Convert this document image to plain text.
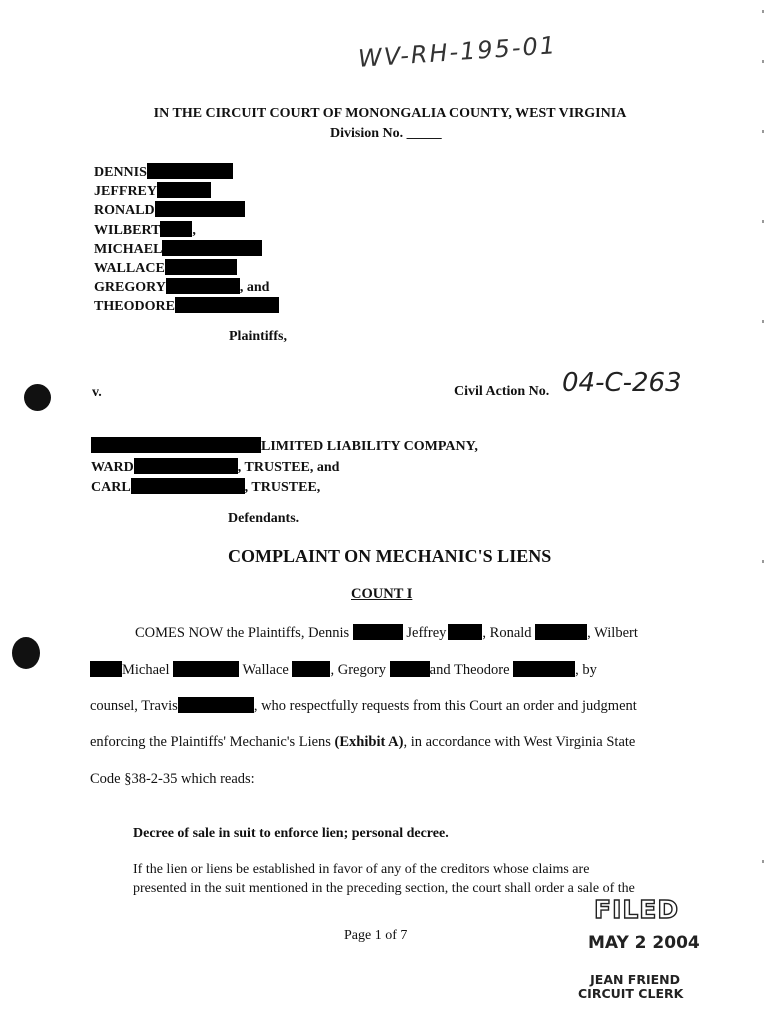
WV-RH-195-01
IN THE CIRCUIT COURT OF MONONGALIA COUNTY, WEST VIRGINIA
Division No. _____
DENNIS
JEFFREY
RONALD
WILBERT ,
MICHAEL
WALLACE
GREGORY	, and
THEODORE
Plaintiffs,
v.	Civil Action No. 04-C-263
LIMITED LIABILITY COMPANY,
WARD	, TRUSTEE, and
CARL	, TRUSTEE,
Defendants.
COMPLAINT ON MECHANIC'S LIENS
COUNT I
COMES NOW the Plaintiffs, Dennis	Jeffrey , Ronald	, Wilbert
Michael	Wallace	, Gregory	and Theodore	, by
counsel, Travis	, who respectfully requests from this Court an order and judgment
enforcing the Plaintiffs' Mechanic's Liens (Exhibit A), in accordance with West Virginia State
Code §38-2-35 which reads:
Decree of sale in suit to enforce lien; personal decree.
If the lien or liens be established in favor of any of the creditors whose claims are
presented in the suit mentioned in the preceding section, the court shall order a sale of the
Page 1 of 7
FILED
MAY 2 2004
JEAN FRIEND
CIRCUIT CLERK
